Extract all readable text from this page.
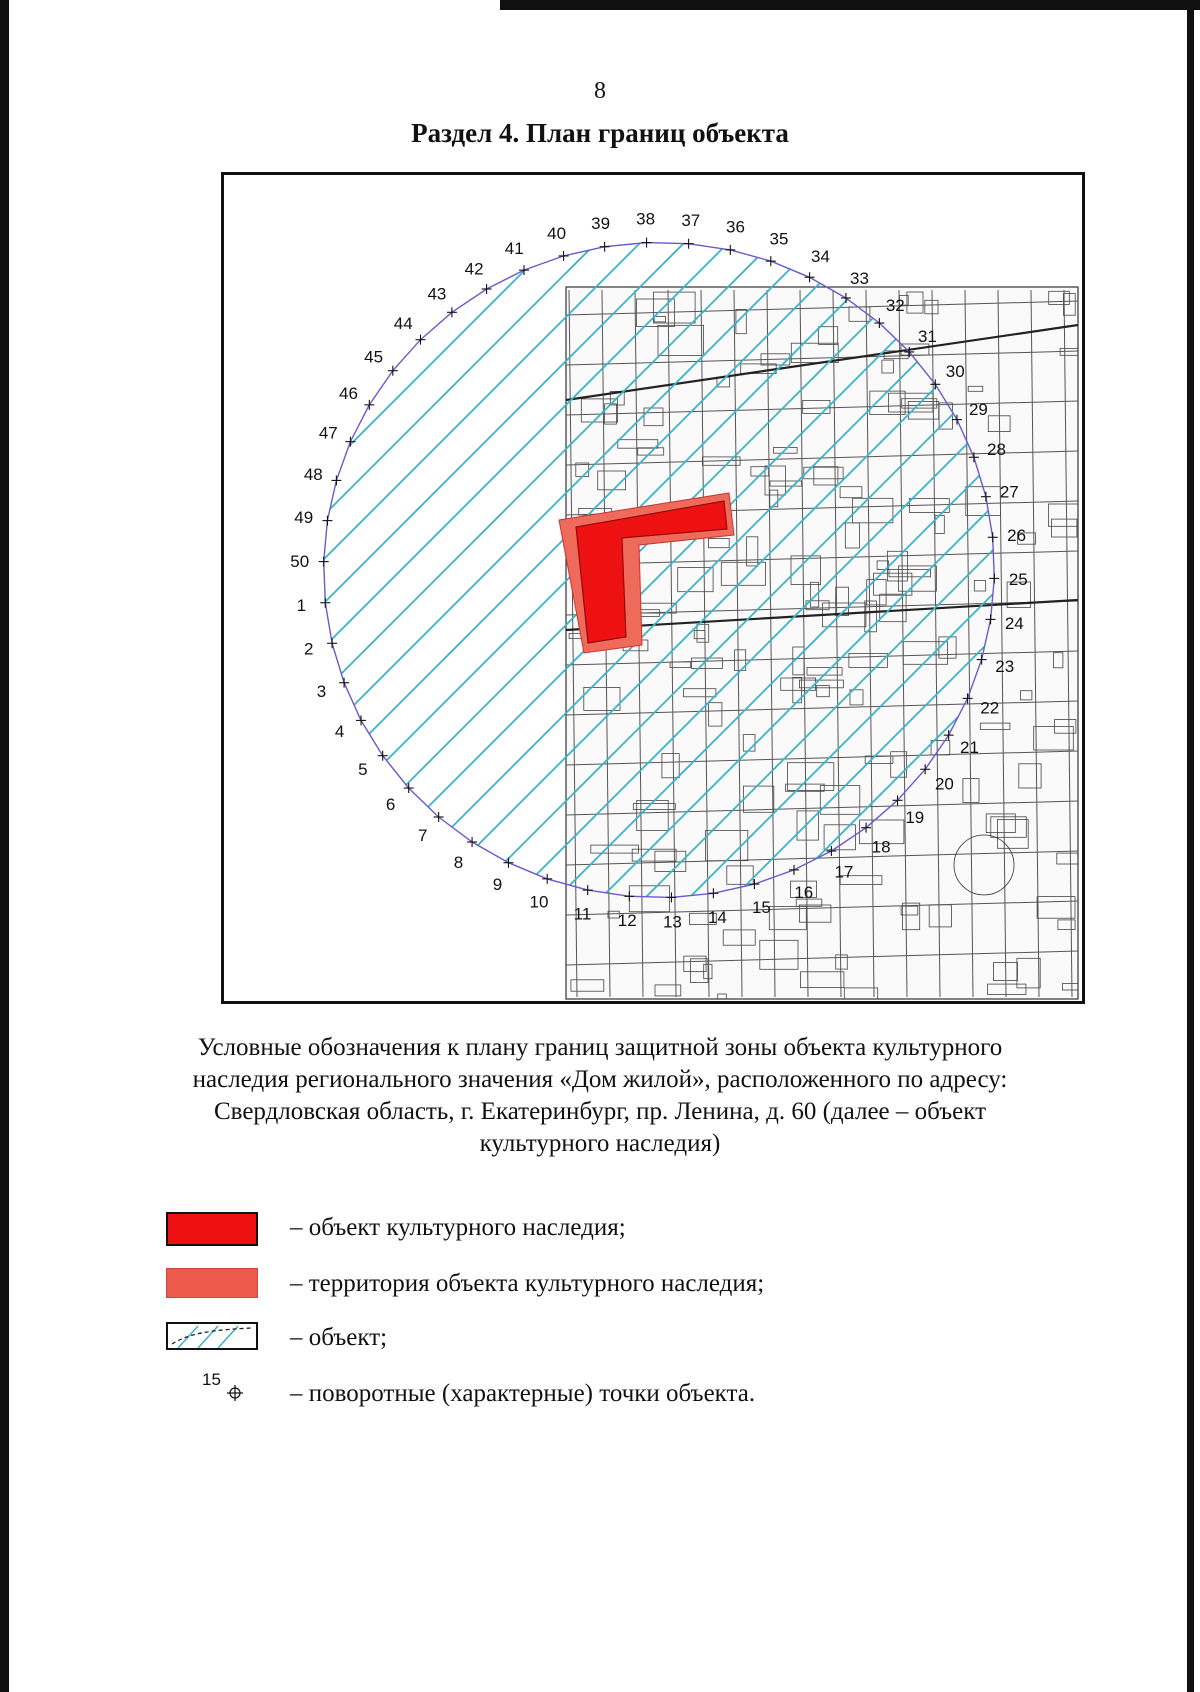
8
Раздел 4. План границ объекта
1
2
3
4
5
6
7
8
9
10
11 12 13 14
15
16
17
18
19
20
21
22
23
24
25
26
27
28
29
30
31
32
33
34
35
36
37
38
39
40
41
42
43
44
45
46
47
48
49
50
Условные обозначения к плану границ защитной зоны объекта культурного наследия регионального значения «Дом жилой», расположенного по адресу: Свердловская область, г. Екатеринбург, пр. Ленина, д. 60 (далее – объект культурного наследия)
– объект культурного наследия;
– территория объекта культурного наследия;
– объект;
15
– поворотные (характерные) точки объекта.
